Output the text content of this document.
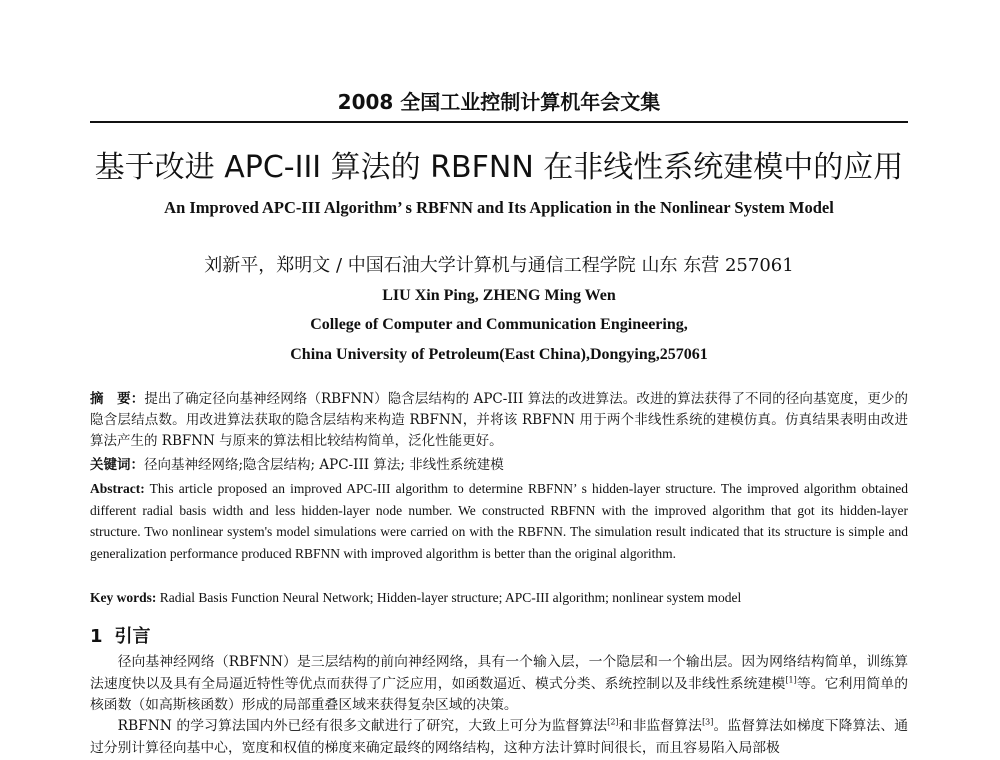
2008 全国工业控制计算机年会文集
基于改进 APC-III 算法的 RBFNN 在非线性系统建模中的应用
An Improved APC-III Algorithm’ s RBFNN and Its Application in the Nonlinear System Model
刘新平，郑明文 / 中国石油大学计算机与通信工程学院 山东 东营 257061
LIU Xin Ping, ZHENG Ming Wen
College of Computer and Communication Engineering,
China University of Petroleum(East China),Dongying,257061
摘　要：提出了确定径向基神经网络（RBFNN）隐含层结构的 APC-III 算法的改进算法。改进的算法获得了不同的径向基宽度，更少的隐含层结点数。用改进算法获取的隐含层结构来构造 RBFNN，并将该 RBFNN 用于两个非线性系统的建模仿真。仿真结果表明由改进算法产生的 RBFNN 与原来的算法相比较结构简单，泛化性能更好。
关键词：径向基神经网络;隐含层结构; APC-III 算法; 非线性系统建模
Abstract: This article proposed an improved APC-III algorithm to determine RBFNN’ s hidden-layer structure. The improved algorithm obtained different radial basis width and less hidden-layer node number. We constructed RBFNN with the improved algorithm that got its hidden-layer structure. Two nonlinear system's model simulations were carried on with the RBFNN. The simulation result indicated that its structure is simple and generalization performance produced RBFNN with improved algorithm is better than the original algorithm.
Key words: Radial Basis Function Neural Network; Hidden-layer structure; APC-III algorithm; nonlinear system model
1 引言
径向基神经网络（RBFNN）是三层结构的前向神经网络，具有一个输入层，一个隐层和一个输出层。因为网络结构简单，训练算法速度快以及具有全局逼近特性等优点而获得了广泛应用，如函数逼近、模式分类、系统控制以及非线性系统建模[1]等。它利用简单的核函数（如高斯核函数）形成的局部重叠区域来获得复杂区域的决策。
RBFNN 的学习算法国内外已经有很多文献进行了研究，大致上可分为监督算法[2]和非监督算法[3]。监督算法如梯度下降算法、通过分别计算径向基中心，宽度和权值的梯度来确定最终的网络结构，这种方法计算时间很长，而且容易陷入局部极
